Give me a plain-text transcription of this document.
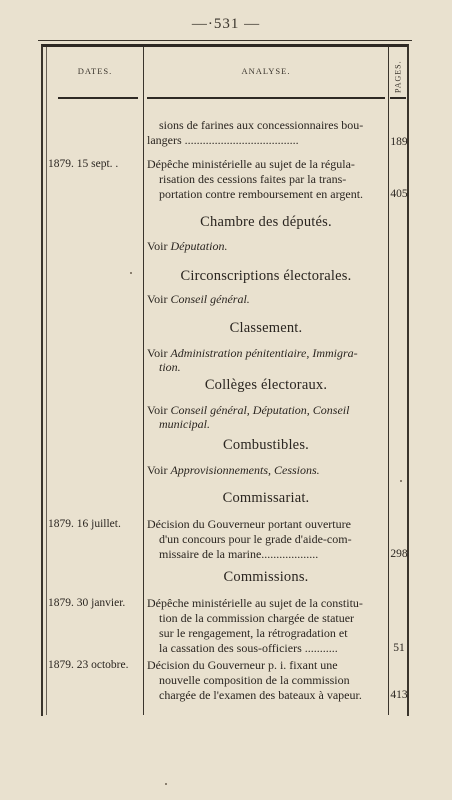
—·531 —
DATES.	ANALYSE.	PAGES.
sions de farines aux concessionnaires bou-
langers ......................................	189
1879. 15 sept. .	Dépêche ministérielle au sujet de la régula-
risation des cessions faites par la trans-
portation contre remboursement en argent.	405
Chambre des députés.
Voir Députation.
Circonscriptions électorales.
Voir Conseil général.
Classement.
Voir Administration pénitentiaire, Immigra-
tion.
Collèges électoraux.
Voir Conseil général, Députation, Conseil
municipal.
Combustibles.
Voir Approvisionnements, Cessions.
Commissariat.
1879. 16 juillet.	Décision du Gouverneur portant ouverture
d'un concours pour le grade d'aide-com-
missaire de la marine...................	298
Commissions.
1879. 30 janvier.	Dépêche ministérielle au sujet de la constitu-
tion de la commission chargée de statuer
sur le rengagement, la rétrogradation et
la cassation des sous-officiers ...........	51
1879. 23 octobre.	Décision du Gouverneur p. i. fixant une
nouvelle composition de la commission
chargée de l'examen des bateaux à vapeur.	413
